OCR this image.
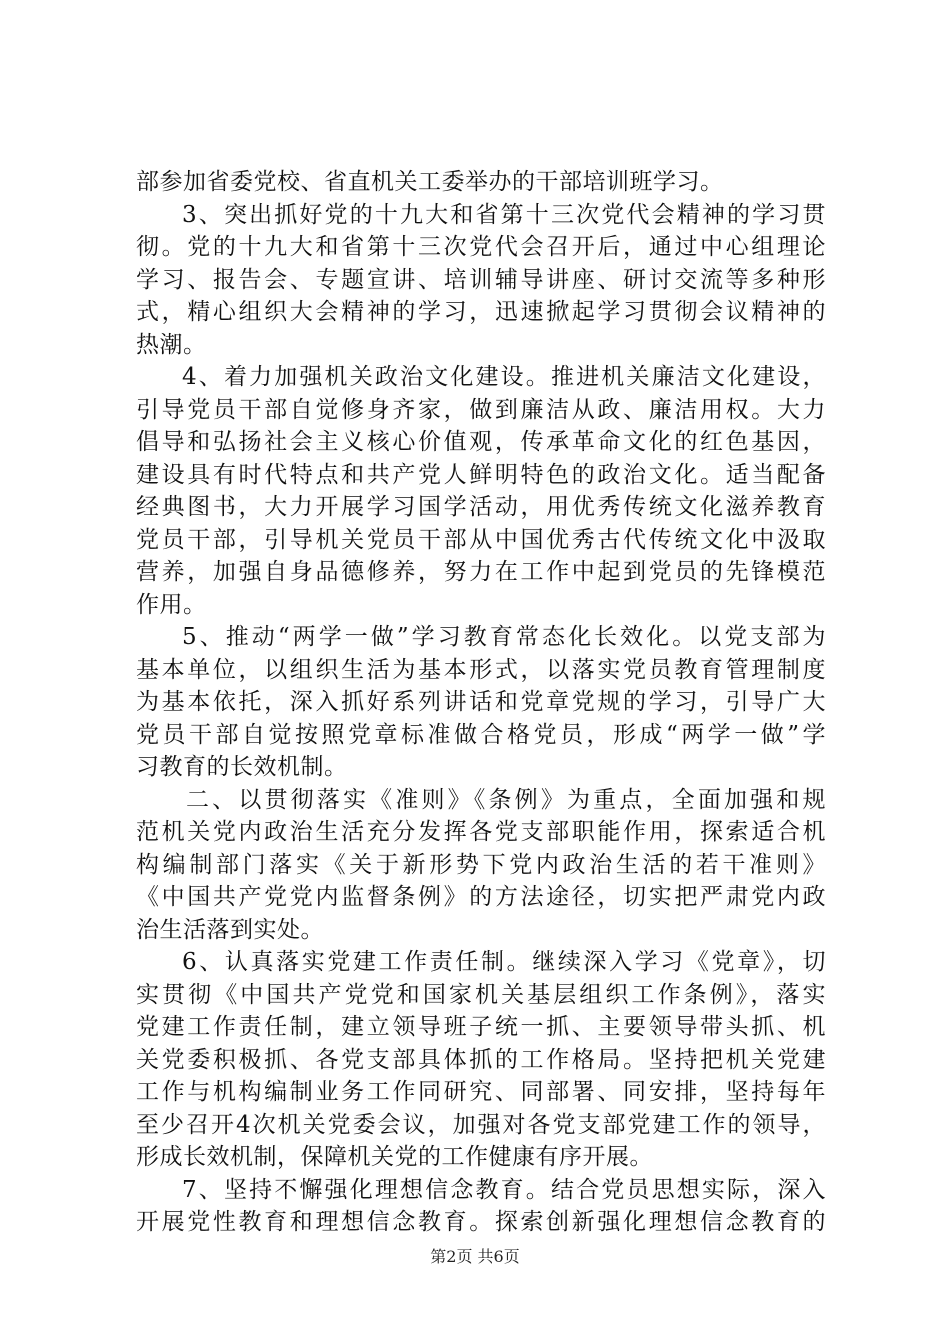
部参加省委党校、省直机关工委举办的干部培训班学习。
3、突出抓好党的十九大和省第十三次党代会精神的学习贯
彻。党的十九大和省第十三次党代会召开后，通过中心组理论
学习、报告会、专题宣讲、培训辅导讲座、研讨交流等多种形
式，精心组织大会精神的学习，迅速掀起学习贯彻会议精神的
热潮。
4、着力加强机关政治文化建设。推进机关廉洁文化建设，
引导党员干部自觉修身齐家，做到廉洁从政、廉洁用权。大力
倡导和弘扬社会主义核心价值观，传承革命文化的红色基因，
建设具有时代特点和共产党人鲜明特色的政治文化。适当配备
经典图书，大力开展学习国学活动，用优秀传统文化滋养教育
党员干部，引导机关党员干部从中国优秀古代传统文化中汲取
营养，加强自身品德修养，努力在工作中起到党员的先锋模范
作用。
5、推动“两学一做”学习教育常态化长效化。以党支部为
基本单位，以组织生活为基本形式，以落实党员教育管理制度
为基本依托，深入抓好系列讲话和党章党规的学习，引导广大
党员干部自觉按照党章标准做合格党员，形成“两学一做”学
习教育的长效机制。
二、以贯彻落实《准则》《条例》为重点，全面加强和规
范机关党内政治生活充分发挥各党支部职能作用，探索适合机
构编制部门落实《关于新形势下党内政治生活的若干准则》
《中国共产党党内监督条例》的方法途径，切实把严肃党内政
治生活落到实处。
6、认真落实党建工作责任制。继续深入学习《党章》，切
实贯彻《中国共产党党和国家机关基层组织工作条例》，落实
党建工作责任制，建立领导班子统一抓、主要领导带头抓、机
关党委积极抓、各党支部具体抓的工作格局。坚持把机关党建
工作与机构编制业务工作同研究、同部署、同安排，坚持每年
至少召开4次机关党委会议，加强对各党支部党建工作的领导，
形成长效机制，保障机关党的工作健康有序开展。
7、坚持不懈强化理想信念教育。结合党员思想实际，深入
开展党性教育和理想信念教育。探索创新强化理想信念教育的
第2页 共6页
